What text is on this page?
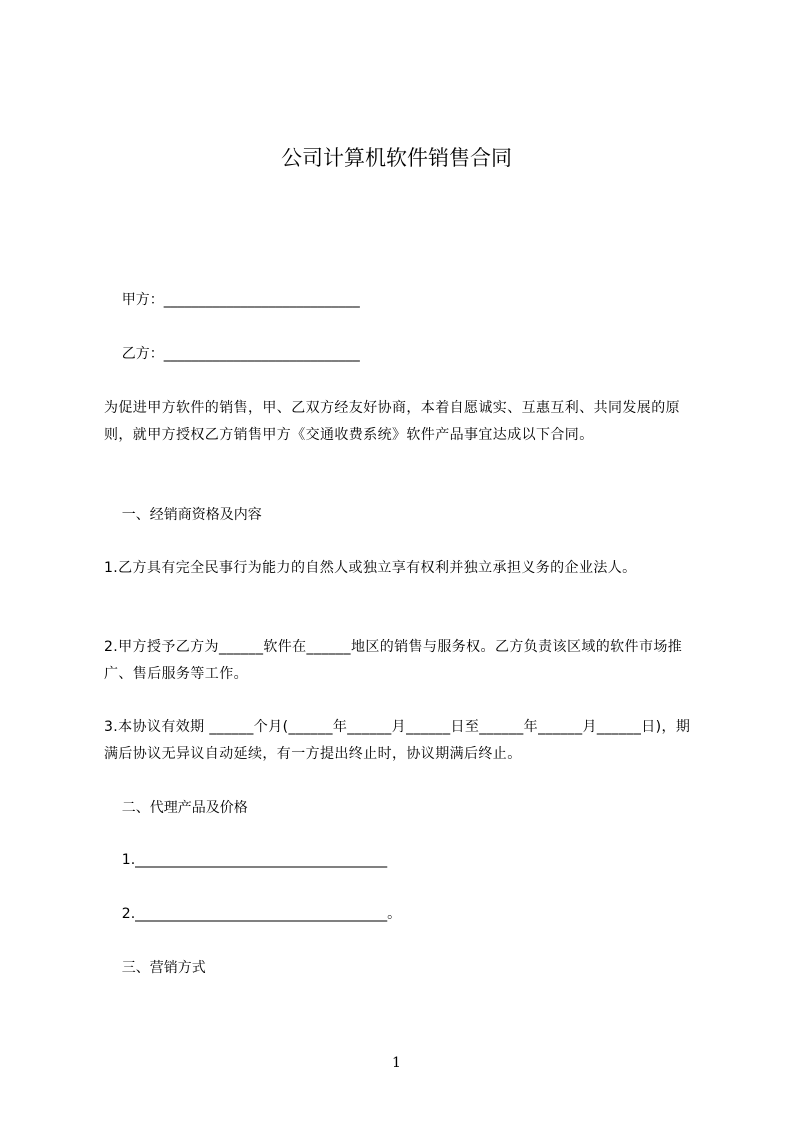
公司计算机软件销售合同
甲方：____________________________
乙方：____________________________
为促进甲方软件的销售，甲、乙双方经友好协商，本着自愿诚实、互惠互利、共同发展的原则，就甲方授权乙方销售甲方《交通收费系统》软件产品事宜达成以下合同。
一、经销商资格及内容
1.乙方具有完全民事行为能力的自然人或独立享有权利并独立承担义务的企业法人。
2.甲方授予乙方为______软件在______地区的销售与服务权。乙方负责该区域的软件市场推广、售后服务等工作。
3.本协议有效期 ______个月(______年______月______日至______年______月______日)，期满后协议无异议自动延续，有一方提出终止时，协议期满后终止。
二、代理产品及价格
1.____________________________________
2.____________________________________。
三、营销方式
1
